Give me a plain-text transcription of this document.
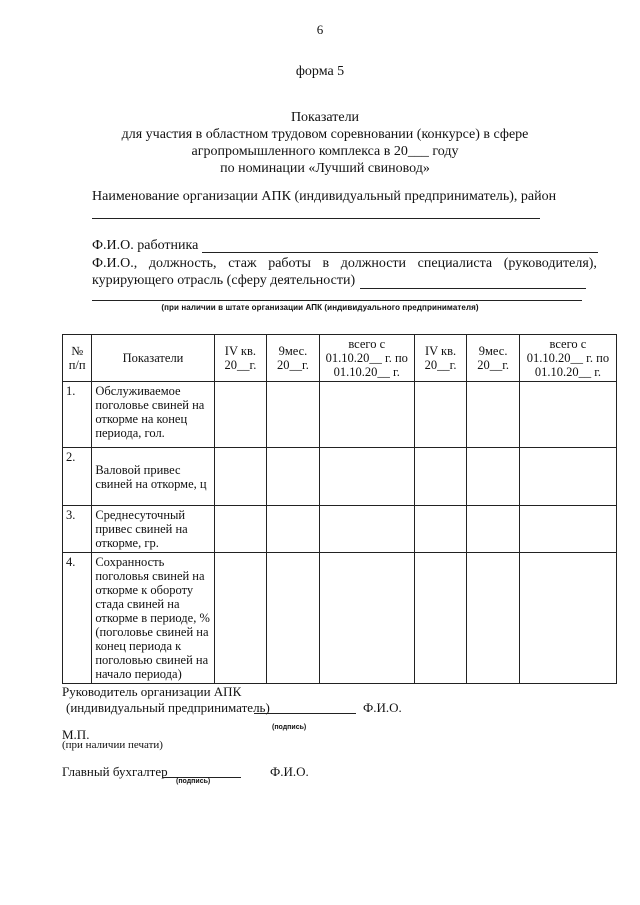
6
форма 5
Показатели
для участия в областном трудовом соревновании (конкурсе) в сфере
агропромышленного комплекса в 20___ году
по номинации «Лучший свиновод»
Наименование организации АПК (индивидуальный предприниматель), район
Ф.И.О. работника
Ф.И.О., должность, стаж работы в должности специалиста (руководителя),
курирующего отрасль (сферу деятельности)
(при наличии в штате организации АПК (индивидуального предпринимателя)
№ п/п	Показатели	IV кв. 20__г.	9мес. 20__г.	всего с 01.10.20__ г. по 01.10.20__ г.	IV кв. 20__г.	9мес. 20__г.	всего с 01.10.20__ г. по 01.10.20__ г.
1.	Обслуживаемое поголовье свиней на откорме на конец периода, гол.						
2.	Валовой привес свиней на откорме, ц						
3.	Среднесуточный привес свиней на откорме, гр.						
4.	Сохранность поголовья свиней на откорме к обороту стада свиней на откорме в периоде, % (поголовье свиней на конец периода к поголовью свиней на начало периода)						
Руководитель организации АПК
(индивидуальный предприниматель)	Ф.И.О.
(подпись)
М.П.
(при наличии печати)
Главный бухгалтер	Ф.И.О.
(подпись)
